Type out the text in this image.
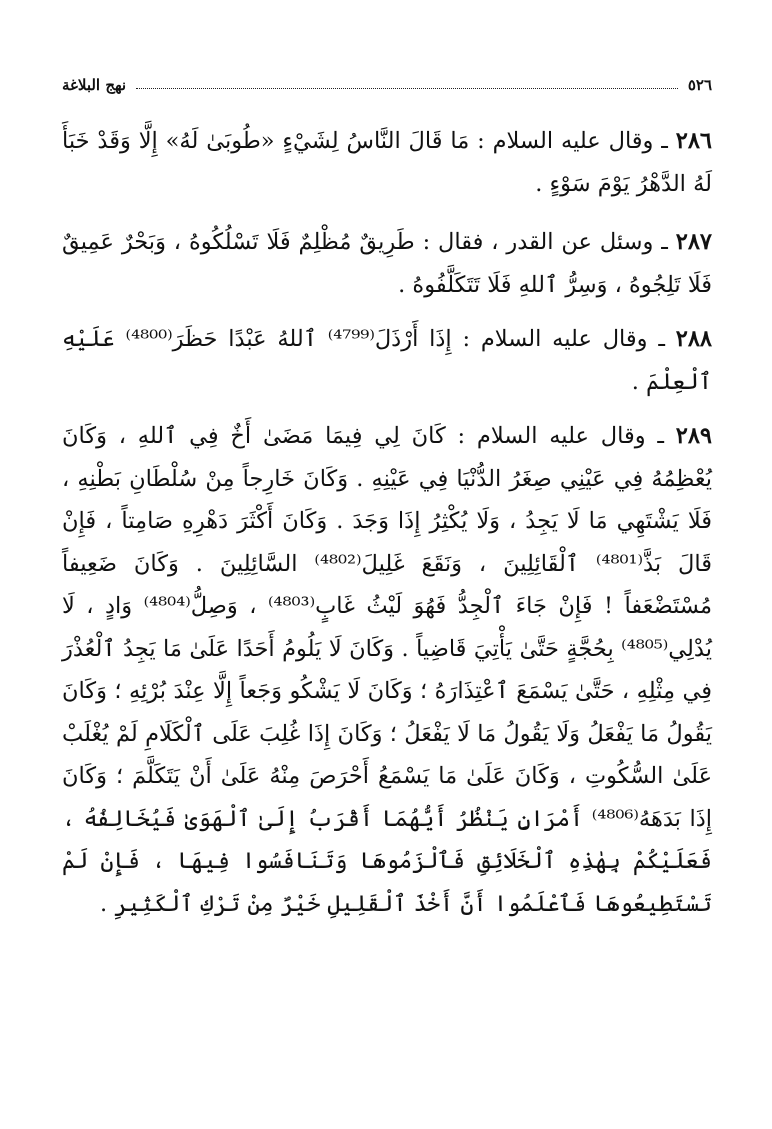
٥٢٦
نهج البلاغة

٢٨٦ ـ وقال عليه السلام : مَا قَالَ النَّاسُ لِشَيْءٍ «طُوبَىٰ لَهُ» إِلَّا وَقَدْ خَبَأَ لَهُ الدَّهْرُ يَوْمَ سَوْءٍ .

٢٨٧ ـ وسئل عن القدر ، فقال : طَرِيقٌ مُظْلِمٌ فَلَا تَسْلُكُوهُ ، وَبَحْرٌ عَمِيقٌ فَلَا تَلِجُوهُ ، وَسِرُّ ٱللهِ فَلَا تَتَكَلَّفُوهُ .

٢٨٨ ـ وقال عليه السلام : إِذَا أَرْذَلَ⁽⁴⁷⁹⁹⁾ ٱللهُ عَبْدًا حَظَرَ⁽⁴⁸⁰⁰⁾ عَلَيْهِ ٱلْعِلْمَ .

٢٨٩ ـ وقال عليه السلام : كَانَ لِي فِيمَا مَضَىٰ أَخٌ فِي ٱللهِ ، وَكَانَ يُعْظِمُهُ فِي عَيْنِي صِغَرُ الدُّنْيَا فِي عَيْنِهِ . وَكَانَ خَارِجاً مِنْ سُلْطَانِ بَطْنِهِ ، فَلَا يَشْتَهِي مَا لَا يَجِدُ ، وَلَا يُكْثِرُ إِذَا وَجَدَ . وَكَانَ أَكْثَرَ دَهْرِهِ صَامِتاً ، فَإِنْ قَالَ بَذَّ⁽⁴⁸⁰¹⁾ ٱلْقَائِلِينَ ، وَنَقَعَ غَلِيلَ⁽⁴⁸⁰²⁾ السَّائِلِينَ . وَكَانَ ضَعِيفاً مُسْتَضْعَفاً ! فَإِنْ جَاءَ ٱلْجِدُّ فَهُوَ لَيْثُ غَابٍ⁽⁴⁸⁰³⁾ ، وَصِلُّ⁽⁴⁸⁰⁴⁾ وَادٍ ، لَا يُدْلِي⁽⁴⁸⁰⁵⁾ بِحُجَّةٍ حَتَّىٰ يَأْتِيَ قَاضِياً . وَكَانَ لَا يَلُومُ أَحَدًا عَلَىٰ مَا يَجِدُ ٱلْعُذْرَ فِي مِثْلِهِ ، حَتَّىٰ يَسْمَعَ ٱعْتِذَارَهُ ؛ وَكَانَ لَا يَشْكُو وَجَعاً إِلَّا عِنْدَ بُرْئِهِ ؛ وَكَانَ يَقُولُ مَا يَفْعَلُ وَلَا يَقُولُ مَا لَا يَفْعَلُ ؛ وَكَانَ إِذَا غُلِبَ عَلَى ٱلْكَلَامِ لَمْ يُغْلَبْ عَلَىٰ السُّكُوتِ ، وَكَانَ عَلَىٰ مَا يَسْمَعُ أَحْرَصَ مِنْهُ عَلَىٰ أَنْ يَتَكَلَّمَ ؛ وَكَانَ إِذَا بَدَهَهُ⁽⁴⁸⁰⁶⁾ أَمْرَانِ يَنْظُرُ أَيُّهُمَا أَقْرَبُ إِلَىٰ ٱلْهَوَىٰ فَيُخَالِفُهُ ، فَعَلَيْكُمْ بِهٰذِهِ ٱلْخَلَائِقِ فَٱلْزَمُوهَا وَتَنَافَسُوا فِيهَا ، فَإِنْ لَمْ تَسْتَطِيعُوهَا فَٱعْلَمُوا أَنَّ أَخْذَ ٱلْقَلِيلِ خَيْرٌ مِنْ تَرْكِ ٱلْكَثِيرِ .
